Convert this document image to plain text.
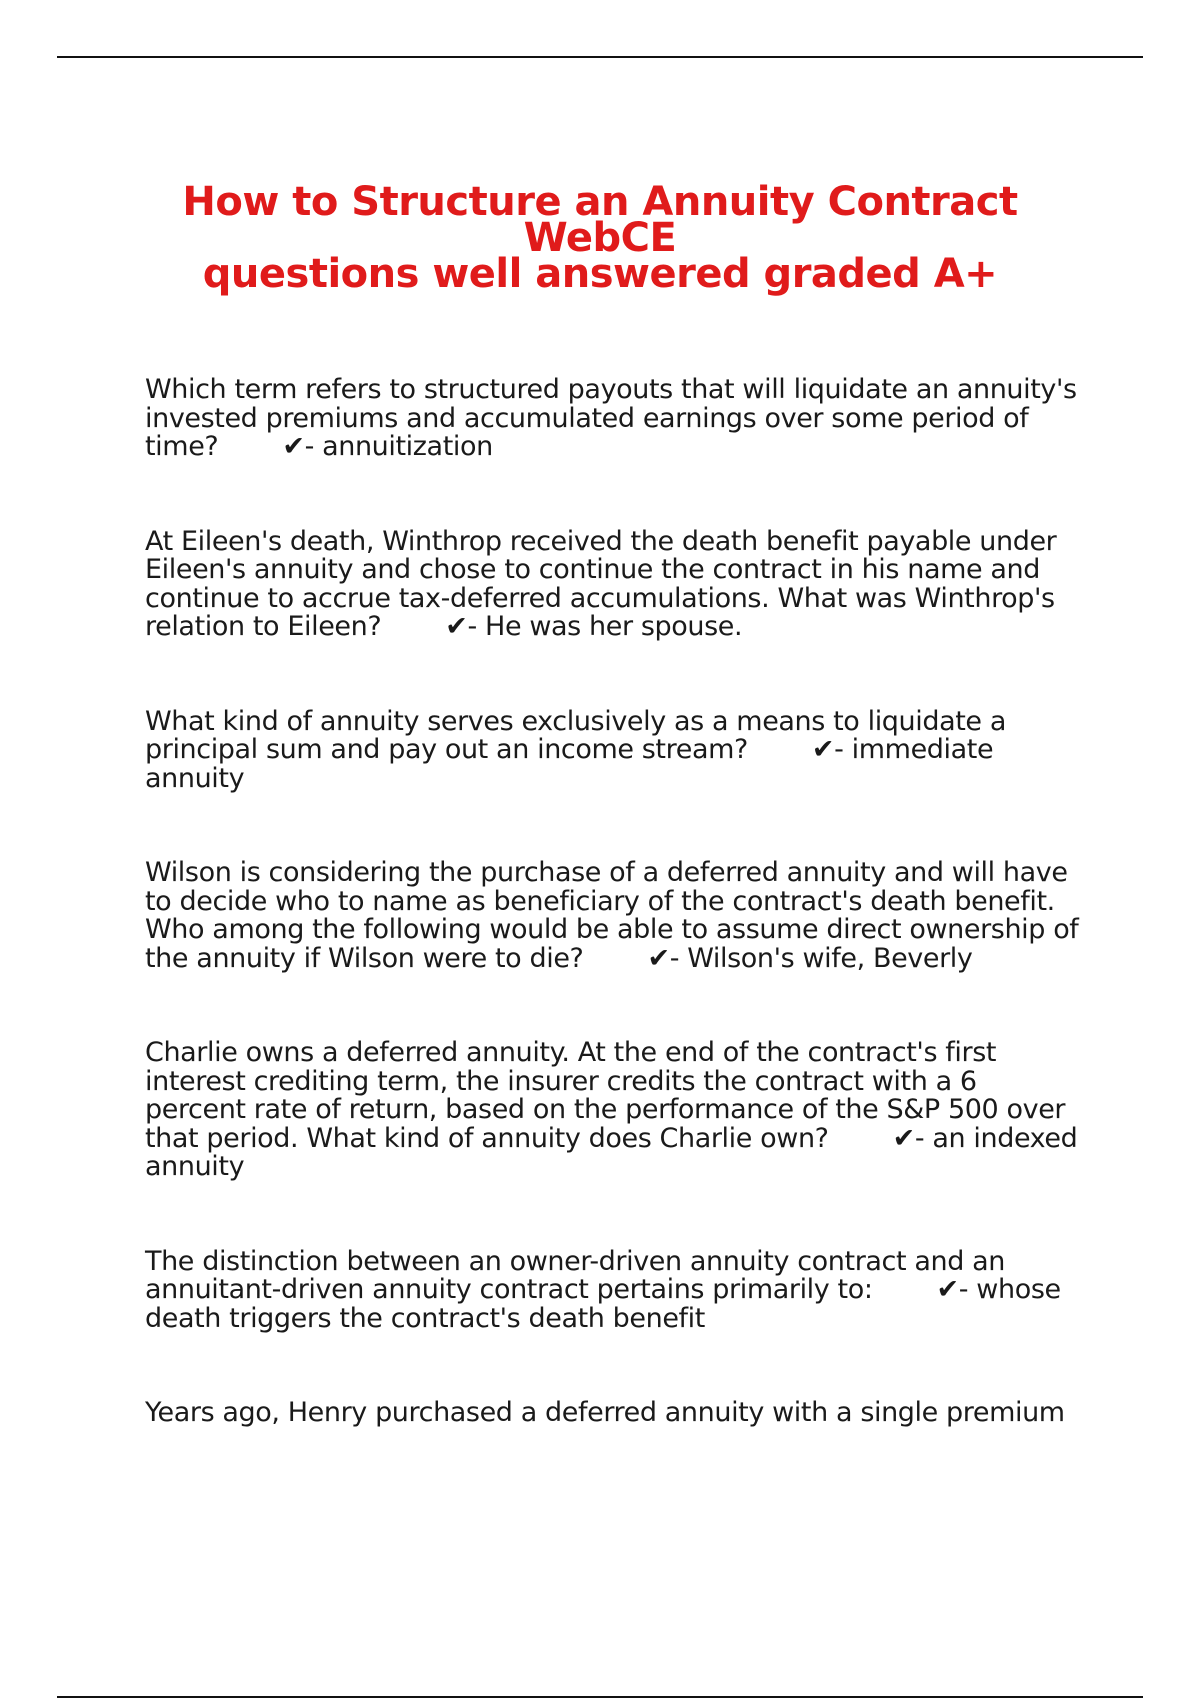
How to Structure an Annuity Contract WebCE
questions well answered graded A+

Which term refers to structured payouts that will liquidate an annuity's invested premiums and accumulated earnings over some period of time? ✔- annuitization

At Eileen's death, Winthrop received the death benefit payable under Eileen's annuity and chose to continue the contract in his name and continue to accrue tax-deferred accumulations. What was Winthrop's relation to Eileen? ✔- He was her spouse.

What kind of annuity serves exclusively as a means to liquidate a principal sum and pay out an income stream? ✔- immediate annuity

Wilson is considering the purchase of a deferred annuity and will have to decide who to name as beneficiary of the contract's death benefit. Who among the following would be able to assume direct ownership of the annuity if Wilson were to die? ✔- Wilson's wife, Beverly

Charlie owns a deferred annuity. At the end of the contract's first interest crediting term, the insurer credits the contract with a 6 percent rate of return, based on the performance of the S&P 500 over that period. What kind of annuity does Charlie own? ✔- an indexed annuity

The distinction between an owner-driven annuity contract and an annuitant-driven annuity contract pertains primarily to: ✔- whose death triggers the contract's death benefit

Years ago, Henry purchased a deferred annuity with a single premium
